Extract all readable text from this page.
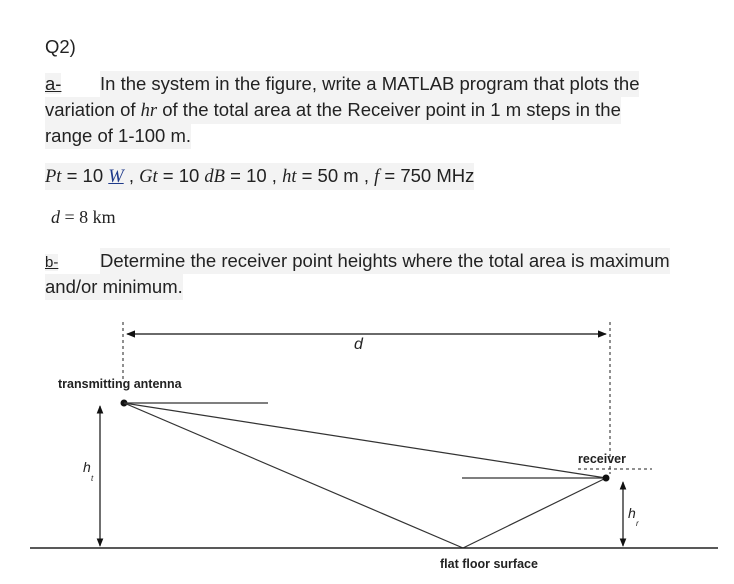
Q2)
a- In the system in the figure, write a MATLAB program that plots the
variation of hr of the total area at the Receiver point in 1 m steps in the
range of 1-100 m.
Pt = 10 W , Gt = 10 dB = 10 , ht = 50 m , f = 750 MHz
d = 8 km
b- Determine the receiver point heights where the total area is maximum
and/or minimum.
d
transmitting antenna
h
t
receiver
h
r
flat floor surface
